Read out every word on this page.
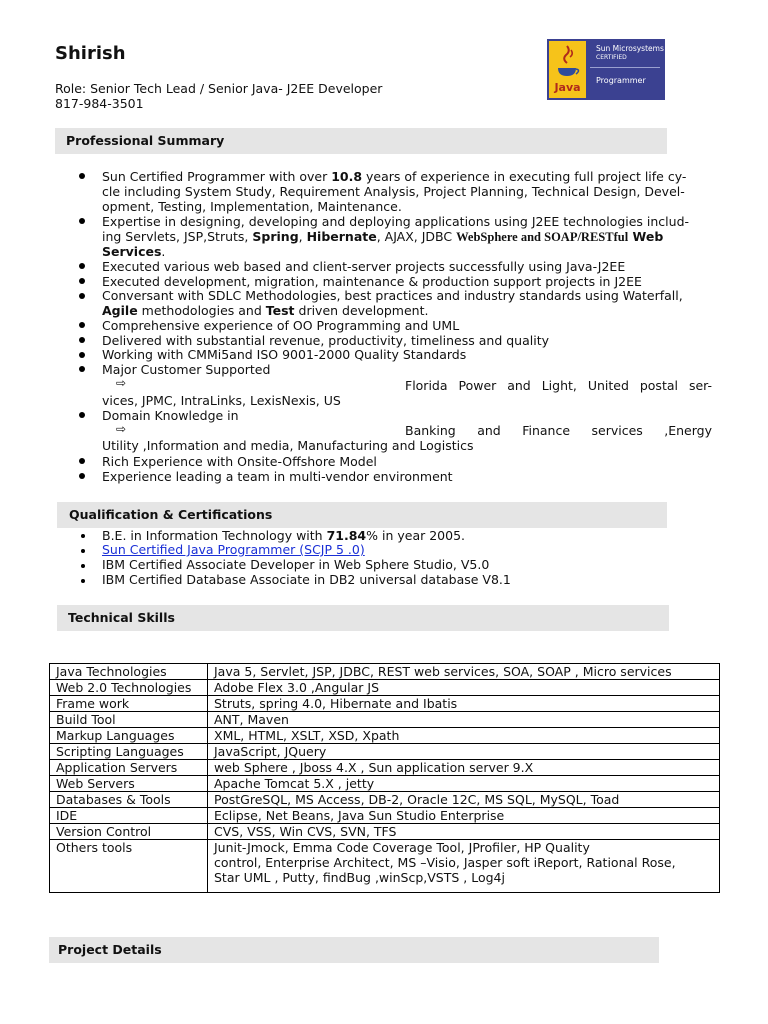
Shirish
Role: Senior Tech Lead / Senior Java- J2EE Developer
817-984-3501
Java
Sun Microsystems
CERTIFIED
Programmer
Professional Summary
Sun Certified Programmer with over 10.8 years of experience in executing full project life cy-
cle including System Study, Requirement Analysis, Project Planning, Technical Design, Devel-
opment, Testing, Implementation, Maintenance.
Expertise in designing, developing and deploying applications using J2EE technologies includ-
ing Servlets, JSP,Struts, Spring, Hibernate, AJAX, JDBC WebSphere and SOAP/RESTful Web
Services.
Executed various web based and client-server projects successfully using Java-J2EE
Executed development, migration, maintenance & production support projects in J2EE
Conversant with SDLC Methodologies, best practices and industry standards using Waterfall,
Agile methodologies and Test driven development.
Comprehensive experience of OO Programming and UML
Delivered with substantial revenue, productivity, timeliness and quality
Working with CMMi5and ISO 9001-2000 Quality Standards
Major Customer Supported
⇨	Florida Power and Light, United postal ser-
vices, JPMC, IntraLinks, LexisNexis, US
Domain Knowledge in
⇨	Banking and Finance services ,Energy
Utility ,Information and media, Manufacturing and Logistics
Rich Experience with Onsite-Offshore Model
Experience leading a team in multi-vendor environment
Qualification & Certifications
B.E. in Information Technology with 71.84% in year 2005.
Sun Certified Java Programmer (SCJP 5 .0)
IBM Certified Associate Developer in Web Sphere Studio, V5.0
IBM Certified Database Associate in DB2 universal database V8.1
Technical Skills
Java Technologies	Java 5, Servlet, JSP, JDBC, REST web services, SOA, SOAP , Micro services
Web 2.0 Technologies	Adobe Flex 3.0 ,Angular JS
Frame work	Struts, spring 4.0, Hibernate and Ibatis
Build Tool	ANT, Maven
Markup Languages	XML, HTML, XSLT, XSD, Xpath
Scripting Languages	JavaScript, JQuery
Application Servers	web Sphere , Jboss 4.X , Sun application server 9.X
Web Servers	Apache Tomcat 5.X , jetty
Databases & Tools	PostGreSQL, MS Access, DB-2, Oracle 12C, MS SQL, MySQL, Toad
IDE	Eclipse, Net Beans, Java Sun Studio Enterprise
Version Control	CVS, VSS, Win CVS, SVN, TFS
Others tools	Junit-Jmock, Emma Code Coverage Tool, JProfiler, HP Quality
control, Enterprise Architect, MS –Visio, Jasper soft iReport, Rational Rose,
Star UML , Putty, findBug ,winScp,VSTS , Log4j
Project Details
